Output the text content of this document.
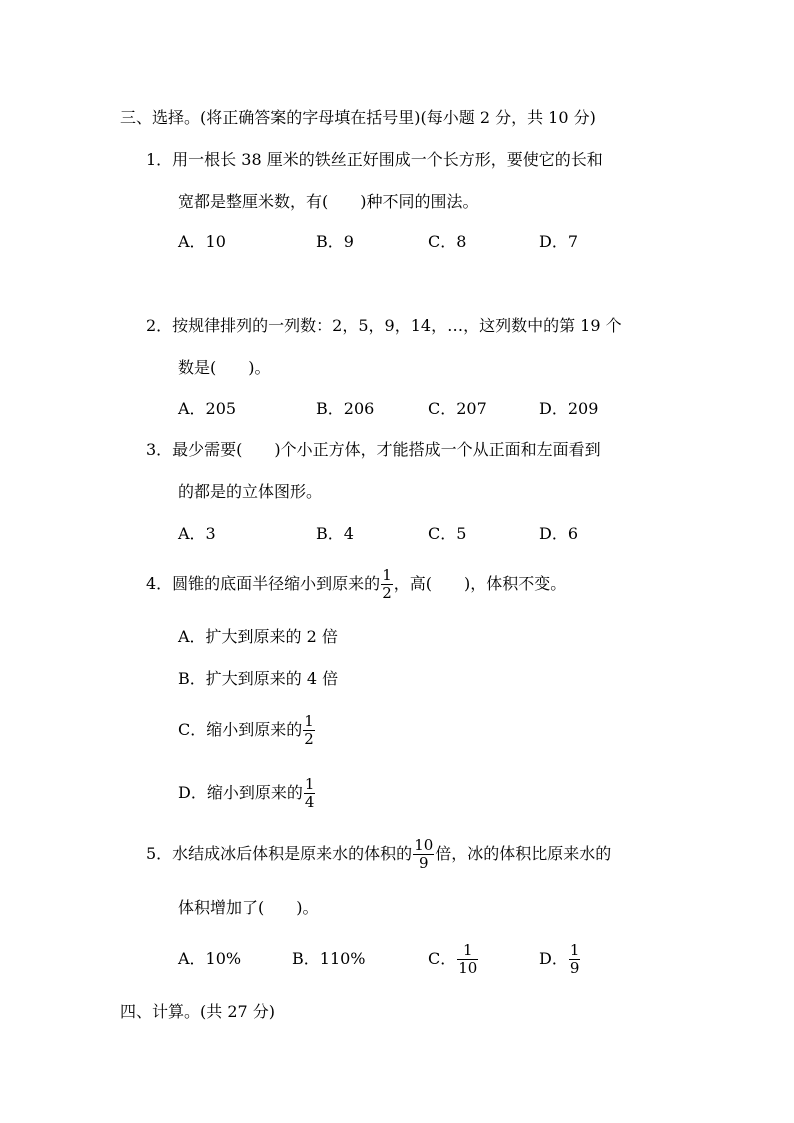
三、选择。(将正确答案的字母填在括号里)(每小题 2 分，共 10 分)
1．用一根长 38 厘米的铁丝正好围成一个长方形，要使它的长和
宽都是整厘米数，有(　　)种不同的围法。
A．10	B．9	C．8	D．7
2．按规律排列的一列数：2，5，9，14，…，这列数中的第 19 个
数是(　　)。
A．205	B．206	C．207	D．209
3．最少需要(　　)个小正方体，才能搭成一个从正面和左面看到
的都是的立体图形。
A．3	B．4	C．5	D．6
4．圆锥的底面半径缩小到原来的 $\frac{1}{2}$ ，高(　　)，体积不变。
A．扩大到原来的 2 倍
B．扩大到原来的 4 倍
C．缩小到原来的 $\frac{1}{2}$
D．缩小到原来的 $\frac{1}{4}$
5．水结成冰后体积是原来水的体积的 $\frac{10}{9}$ 倍，冰的体积比原来水的
体积增加了(　　)。
A．10%	B．110%	C． $\frac{1}{10}$	D． $\frac{1}{9}$
四、计算。(共 27 分)
